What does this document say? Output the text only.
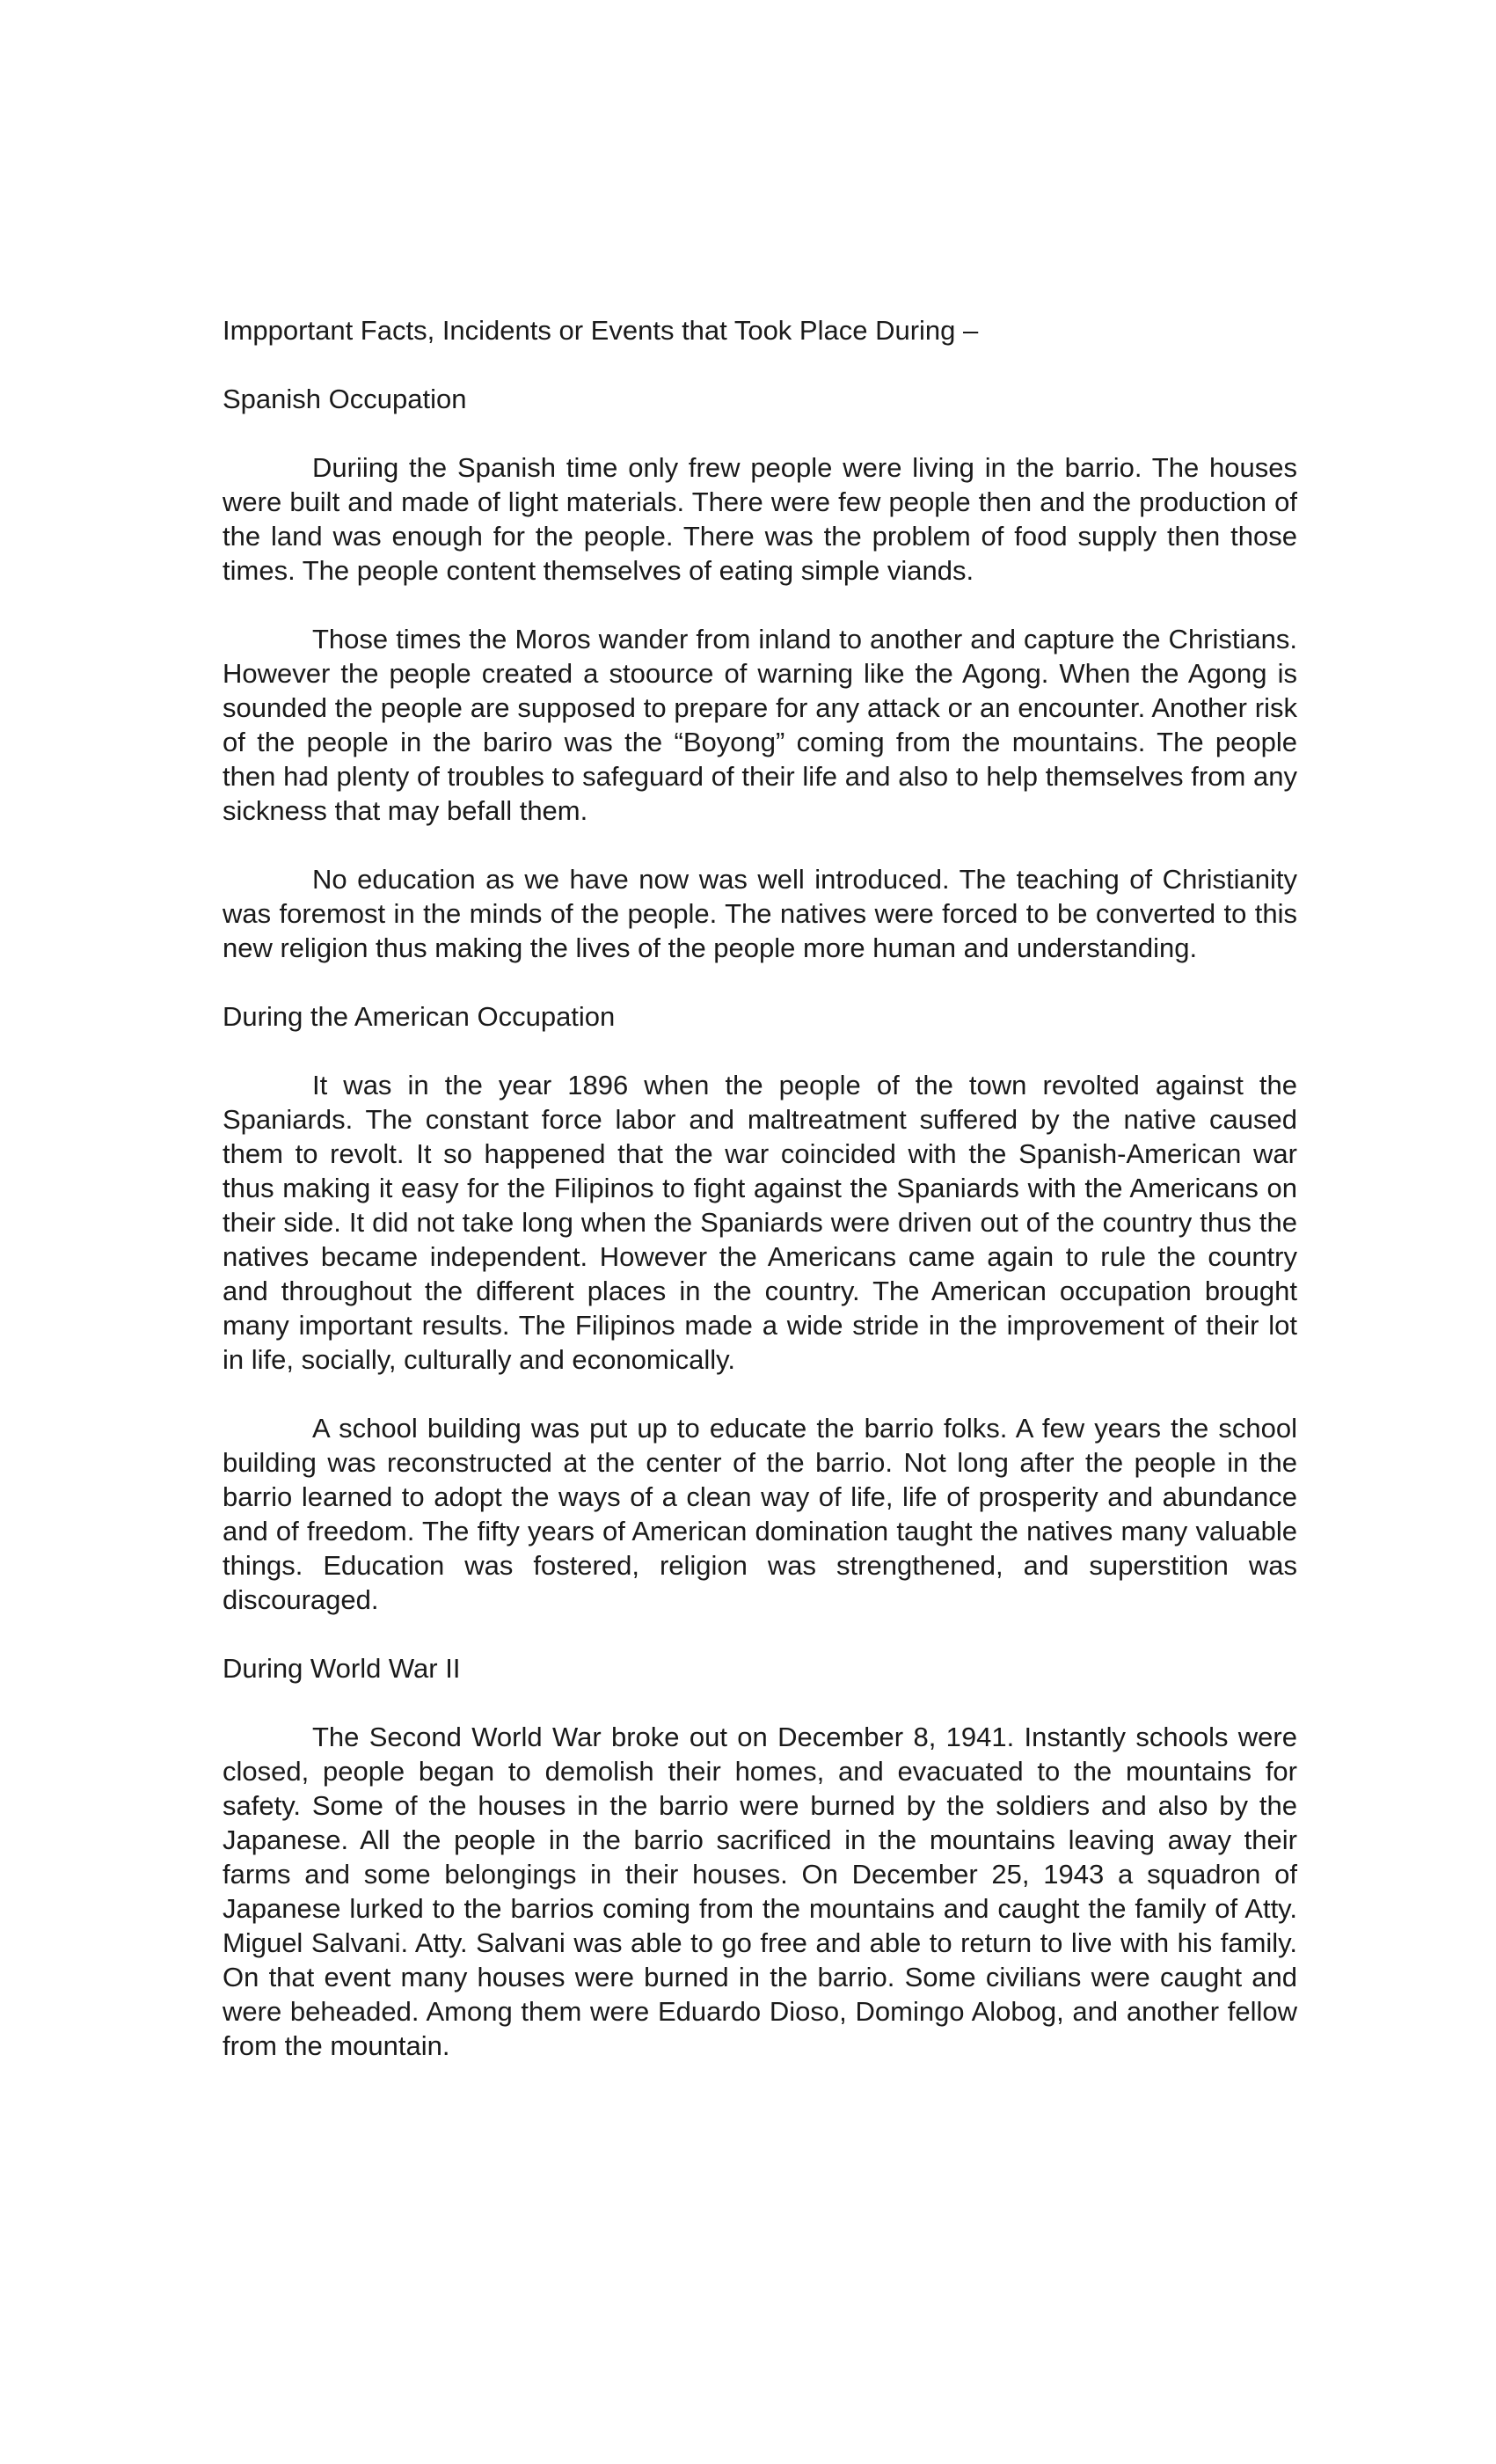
Impportant Facts, Incidents or Events that Took Place During –

Spanish Occupation

Duriing the Spanish time only frew people were living in the barrio. The houses were built and made of light materials. There were few people then and the production of the land was enough for the people. There was the problem of food supply then those times. The people content themselves of eating simple viands.

Those times the Moros wander from inland to another and capture the Christians. However the people created a stoource of warning like the Agong. When the Agong is sounded the people are supposed to prepare for any attack or an encounter. Another risk of the people in the bariro was the “Boyong” coming from the mountains. The people then had plenty of troubles to safeguard of their life and also to help themselves from any sickness that may befall them.

No education as we have now was well introduced. The teaching of Christianity was foremost in the minds of the people. The natives were forced to be converted to this new religion thus making the lives of the people more human and understanding.

During the American Occupation

It was in the year 1896 when the people of the town revolted against the Spaniards. The constant force labor and maltreatment suffered by the native caused them to revolt. It so happened that the war coincided with the Spanish-American war thus making it easy for the Filipinos to fight against the Spaniards with the Americans on their side. It did not take long when the Spaniards were driven out of the country thus the natives became independent. However the Americans came again to rule the country and throughout the different places in the country. The American occupation brought many important results. The Filipinos made a wide stride in the improvement of their lot in life, socially, culturally and economically.

A school building was put up to educate the barrio folks. A few years the school building was reconstructed at the center of the barrio. Not long after the people in the barrio learned to adopt the ways of a clean way of life, life of prosperity and abundance and of freedom. The fifty years of American domination taught the natives many valuable things. Education was fostered, religion was strengthened, and superstition was discouraged.

During World War II

The Second World War broke out on December 8, 1941. Instantly schools were closed, people began to demolish their homes, and evacuated to the mountains for safety. Some of the houses in the barrio were burned by the soldiers and also by the Japanese. All the people in the barrio sacrificed in the mountains leaving away their farms and some belongings in their houses. On December 25, 1943 a squadron of Japanese lurked to the barrios coming from the mountains and caught the family of Atty. Miguel Salvani. Atty. Salvani was able to go free and able to return to live with his family. On that event many houses were burned in the barrio. Some civilians were caught and were beheaded. Among them were Eduardo Dioso, Domingo Alobog, and another fellow from the mountain.
